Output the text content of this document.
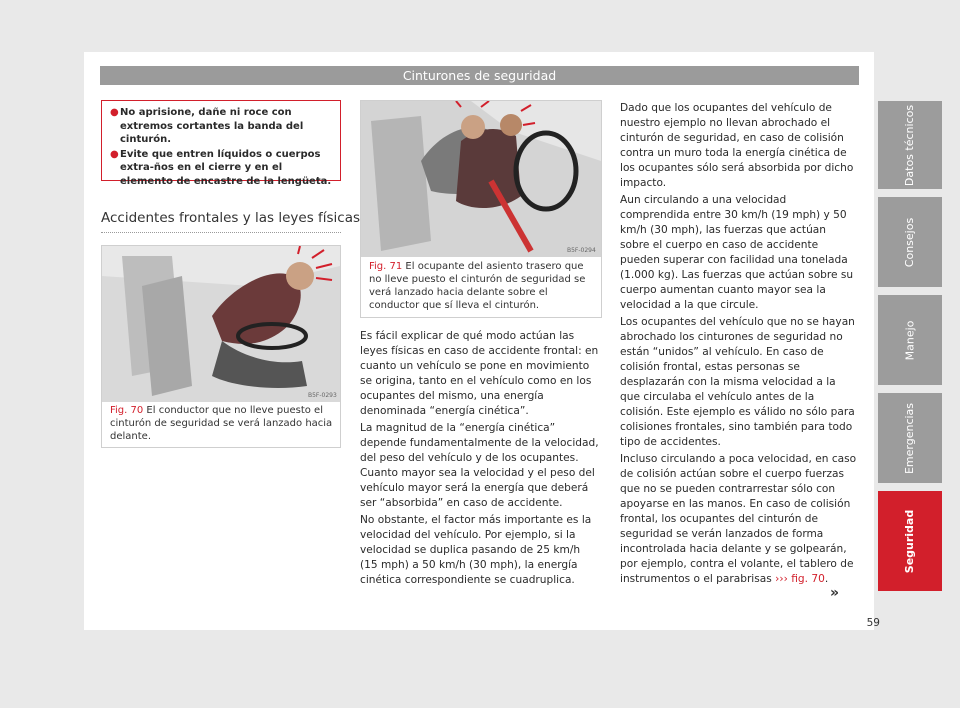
Cinturones de seguridad
Datos técnicos
Consejos
Manejo
Emergencias
Seguridad
59
● No aprisione, dañe ni roce con extremos cortantes la banda del cinturón.
● Evite que entren líquidos o cuerpos extra-ños en el cierre y en el elemento de encastre de la lengüeta.
Accidentes frontales y las leyes físicas
B5F-0293
Fig. 70 El conductor que no lleve puesto el cinturón de seguridad se verá lanzado hacia delante.
B5F-0294
Fig. 71 El ocupante del asiento trasero que no lleve puesto el cinturón de seguridad se verá lanzado hacia delante sobre el conductor que sí lleva el cinturón.

Es fácil explicar de qué modo actúan las leyes físicas en caso de accidente frontal: en cuanto un vehículo se pone en movimiento se origina, tanto en el vehículo como en los ocupantes del mismo, una energía denominada “energía cinética”.

La magnitud de la “energía cinética” depende fundamentalmente de la velocidad, del peso del vehículo y de los ocupantes. Cuanto mayor sea la velocidad y el peso del vehículo mayor será la energía que deberá ser “absorbida” en caso de accidente.

No obstante, el factor más importante es la velocidad del vehículo. Por ejemplo, si la velocidad se duplica pasando de 25 km/h (15 mph) a 50 km/h (30 mph), la energía cinética correspondiente se cuadruplica.

Dado que los ocupantes del vehículo de nuestro ejemplo no llevan abrochado el cinturón de seguridad, en caso de colisión contra un muro toda la energía cinética de los ocupantes sólo será absorbida por dicho impacto.

Aun circulando a una velocidad comprendida entre 30 km/h (19 mph) y 50 km/h (30 mph), las fuerzas que actúan sobre el cuerpo en caso de accidente pueden superar con facilidad una tonelada (1.000 kg). Las fuerzas que actúan sobre su cuerpo aumentan cuanto mayor sea la velocidad a la que circule.

Los ocupantes del vehículo que no se hayan abrochado los cinturones de seguridad no están “unidos” al vehículo. En caso de colisión frontal, estas personas se desplazarán con la misma velocidad a la que circulaba el vehículo antes de la colisión. Este ejemplo es válido no sólo para colisiones frontales, sino también para todo tipo de accidentes.

Incluso circulando a poca velocidad, en caso de colisión actúan sobre el cuerpo fuerzas que no se pueden contrarrestar sólo con apoyarse en las manos. En caso de colisión frontal, los ocupantes del cinturón de seguridad se verán lanzados de forma incontrolada hacia delante y se golpearán, por ejemplo, contra el volante, el tablero de instrumentos o el parabrisas ››› fig. 70.

»
